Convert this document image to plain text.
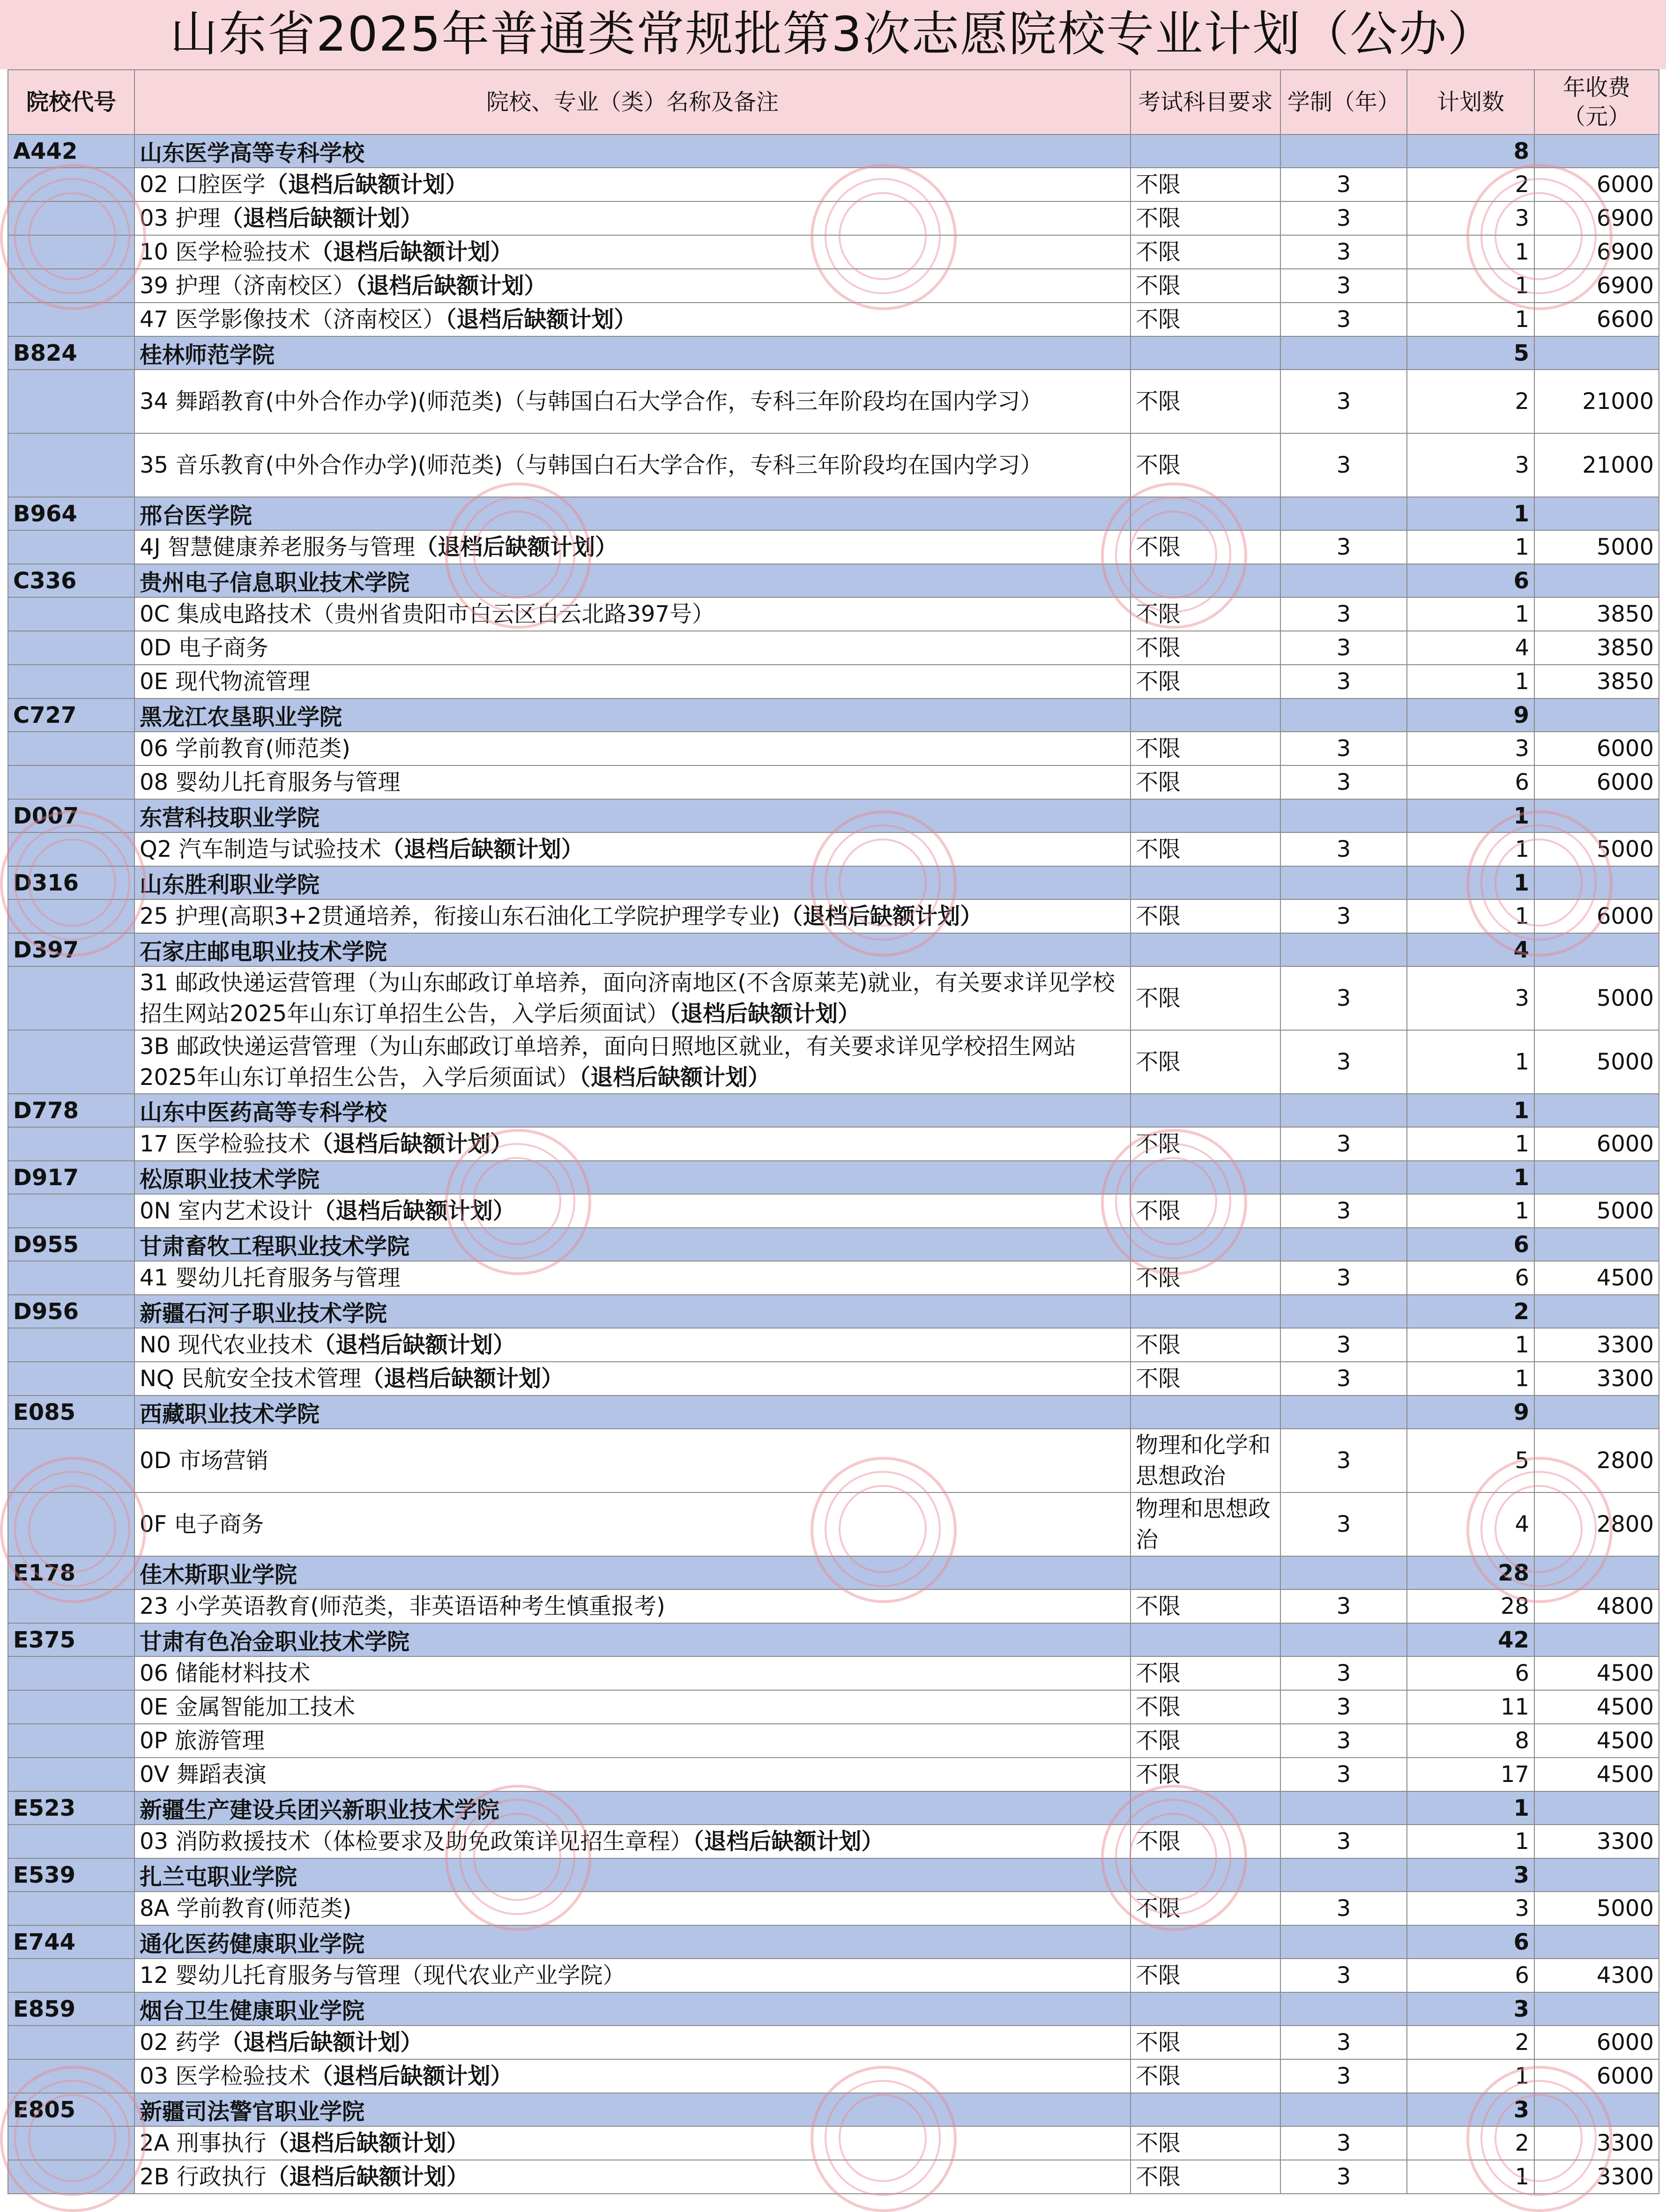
山东省2025年普通类常规批第3次志愿院校专业计划（公办）
院校代号	院校、专业（类）名称及备注	考试科目要求	学制（年）	计划数	年收费（元）
A442	山东医学高等专科学校			8	
	02 口腔医学（退档后缺额计划）	不限	3	2	6000
	03 护理（退档后缺额计划）	不限	3	3	6900
	10 医学检验技术（退档后缺额计划）	不限	3	1	6900
	39 护理（济南校区）（退档后缺额计划）	不限	3	1	6900
	47 医学影像技术（济南校区）（退档后缺额计划）	不限	3	1	6600
B824	桂林师范学院			5	
	34 舞蹈教育(中外合作办学)(师范类)（与韩国白石大学合作，专科三年阶段均在国内学习）	不限	3	2	21000
	35 音乐教育(中外合作办学)(师范类)（与韩国白石大学合作，专科三年阶段均在国内学习）	不限	3	3	21000
B964	邢台医学院			1	
	4J 智慧健康养老服务与管理（退档后缺额计划）	不限	3	1	5000
C336	贵州电子信息职业技术学院			6	
	0C 集成电路技术（贵州省贵阳市白云区白云北路397号）	不限	3	1	3850
	0D 电子商务	不限	3	4	3850
	0E 现代物流管理	不限	3	1	3850
C727	黑龙江农垦职业学院			9	
	06 学前教育(师范类)	不限	3	3	6000
	08 婴幼儿托育服务与管理	不限	3	6	6000
D007	东营科技职业学院			1	
	Q2 汽车制造与试验技术（退档后缺额计划）	不限	3	1	5000
D316	山东胜利职业学院			1	
	25 护理(高职3+2贯通培养，衔接山东石油化工学院护理学专业)（退档后缺额计划）	不限	3	1	6000
D397	石家庄邮电职业技术学院			4	
	31 邮政快递运营管理（为山东邮政订单培养，面向济南地区(不含原莱芜)就业，有关要求详见学校招生网站2025年山东订单招生公告，入学后须面试）（退档后缺额计划）	不限	3	3	5000
	3B 邮政快递运营管理（为山东邮政订单培养，面向日照地区就业，有关要求详见学校招生网站2025年山东订单招生公告，入学后须面试）（退档后缺额计划）	不限	3	1	5000
D778	山东中医药高等专科学校			1	
	17 医学检验技术（退档后缺额计划）	不限	3	1	6000
D917	松原职业技术学院			1	
	0N 室内艺术设计（退档后缺额计划）	不限	3	1	5000
D955	甘肃畜牧工程职业技术学院			6	
	41 婴幼儿托育服务与管理	不限	3	6	4500
D956	新疆石河子职业技术学院			2	
	N0 现代农业技术（退档后缺额计划）	不限	3	1	3300
	NQ 民航安全技术管理（退档后缺额计划）	不限	3	1	3300
E085	西藏职业技术学院			9	
	0D 市场营销	物理和化学和思想政治	3	5	2800
	0F 电子商务	物理和思想政治	3	4	2800
E178	佳木斯职业学院			28	
	23 小学英语教育(师范类，非英语语种考生慎重报考)	不限	3	28	4800
E375	甘肃有色冶金职业技术学院			42	
	06 储能材料技术	不限	3	6	4500
	0E 金属智能加工技术	不限	3	11	4500
	0P 旅游管理	不限	3	8	4500
	0V 舞蹈表演	不限	3	17	4500
E523	新疆生产建设兵团兴新职业技术学院			1	
	03 消防救援技术（体检要求及助免政策详见招生章程）（退档后缺额计划）	不限	3	1	3300
E539	扎兰屯职业学院			3	
	8A 学前教育(师范类)	不限	3	3	5000
E744	通化医药健康职业学院			6	
	12 婴幼儿托育服务与管理（现代农业产业学院）	不限	3	6	4300
E859	烟台卫生健康职业学院			3	
	02 药学（退档后缺额计划）	不限	3	2	6000
	03 医学检验技术（退档后缺额计划）	不限	3	1	6000
E805	新疆司法警官职业学院			3	
	2A 刑事执行（退档后缺额计划）	不限	3	2	3300
	2B 行政执行（退档后缺额计划）	不限	3	1	3300
